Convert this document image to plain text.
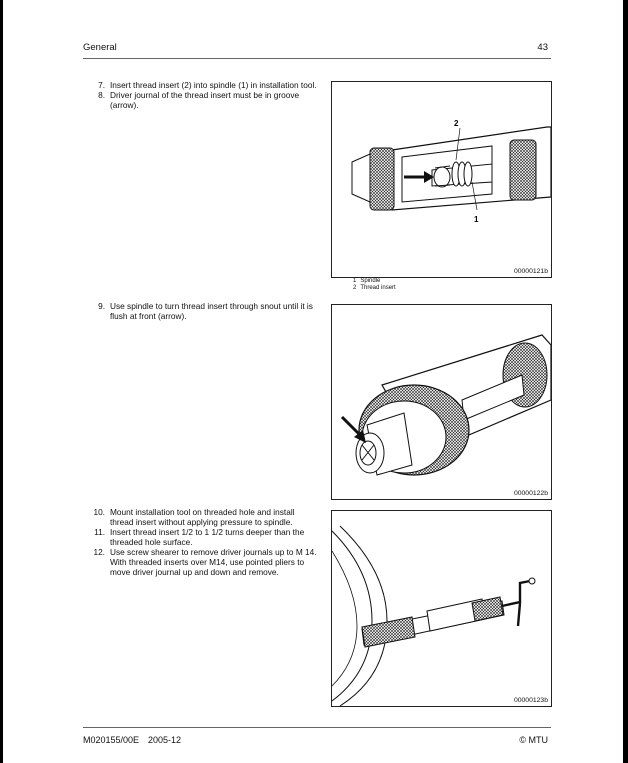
General	43
7. Insert thread insert (2) into spindle (1) in installation tool.
8. Driver journal of the thread insert must be in groove (arrow).
9. Use spindle to turn thread insert through snout until it is flush at front (arrow).
10. Mount installation tool on threaded hole and install thread insert without applying pressure to spindle.
11. Insert thread insert 1/2 to 1 1/2 turns deeper than the threaded hole surface.
12. Use screw shearer to remove driver journals up to M 14. With threaded inserts over M14, use pointed pliers to move driver journal up and down and remove.
2
1
00000121b
1 Spindle
2 Thread insert
00000122b
00000123b
M020155/00E 2005-12	© MTU
